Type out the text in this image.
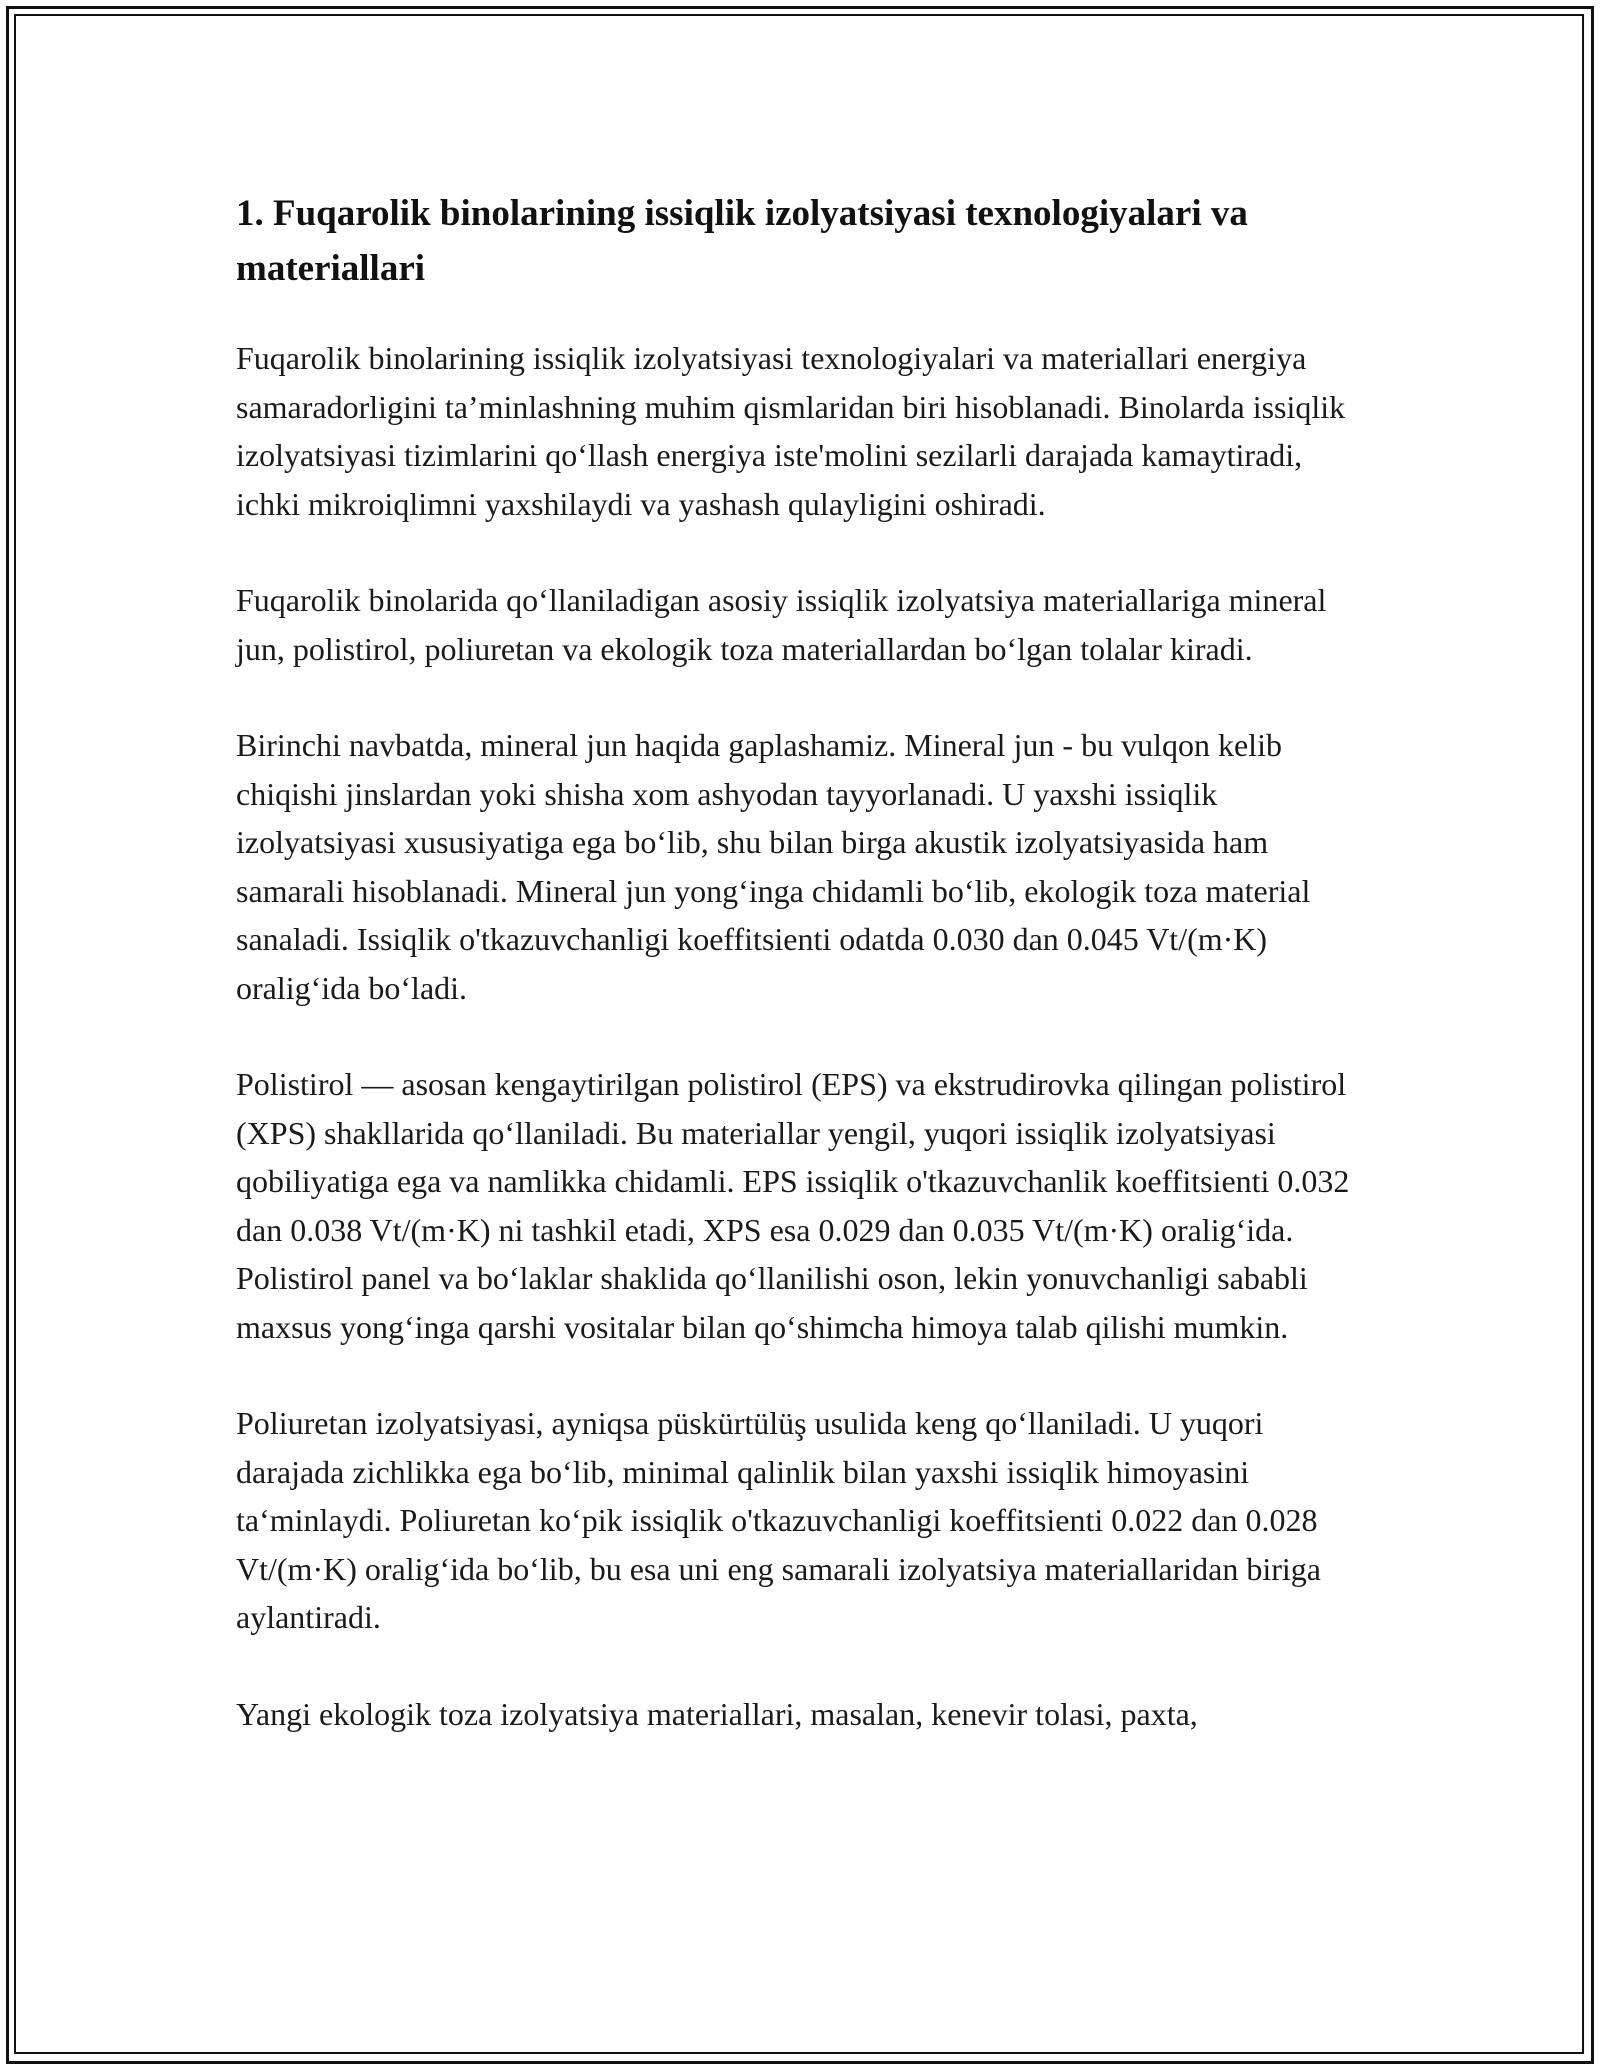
1. Fuqarolik binolarining issiqlik izolyatsiyasi texnologiyalari va materiallari

Fuqarolik binolarining issiqlik izolyatsiyasi texnologiyalari va materiallari energiya samaradorligini ta’minlashning muhim qismlaridan biri hisoblanadi. Binolarda issiqlik izolyatsiyasi tizimlarini qo‘llash energiya iste'molini sezilarli darajada kamaytiradi, ichki mikroiqlimni yaxshilaydi va yashash qulayligini oshiradi.

Fuqarolik binolarida qo‘llaniladigan asosiy issiqlik izolyatsiya materiallariga mineral jun, polistirol, poliuretan va ekologik toza materiallardan bo‘lgan tolalar kiradi.

Birinchi navbatda, mineral jun haqida gaplashamiz. Mineral jun - bu vulqon kelib chiqishi jinslardan yoki shisha xom ashyodan tayyorlanadi. U yaxshi issiqlik izolyatsiyasi xususiyatiga ega bo‘lib, shu bilan birga akustik izolyatsiyasida ham samarali hisoblanadi. Mineral jun yong‘inga chidamli bo‘lib, ekologik toza material sanaladi. Issiqlik o'tkazuvchanligi koeffitsienti odatda 0.030 dan 0.045 Vt/(m·K) oralig‘ida bo‘ladi.

Polistirol — asosan kengaytirilgan polistirol (EPS) va ekstrudirovka qilingan polistirol (XPS) shakllarida qo‘llaniladi. Bu materiallar yengil, yuqori issiqlik izolyatsiyasi qobiliyatiga ega va namlikka chidamli. EPS issiqlik o'tkazuvchanlik koeffitsienti 0.032 dan 0.038 Vt/(m·K) ni tashkil etadi, XPS esa 0.029 dan 0.035 Vt/(m·K) oralig‘ida. Polistirol panel va bo‘laklar shaklida qo‘llanilishi oson, lekin yonuvchanligi sababli maxsus yong‘inga qarshi vositalar bilan qo‘shimcha himoya talab qilishi mumkin.

Poliuretan izolyatsiyasi, ayniqsa püskürtülüş usulida keng qo‘llaniladi. U yuqori darajada zichlikka ega bo‘lib, minimal qalinlik bilan yaxshi issiqlik himoyasini ta‘minlaydi. Poliuretan ko‘pik issiqlik o'tkazuvchanligi koeffitsienti 0.022 dan 0.028 Vt/(m·K) oralig‘ida bo‘lib, bu esa uni eng samarali izolyatsiya materiallaridan biriga aylantiradi.

Yangi ekologik toza izolyatsiya materiallari, masalan, kenevir tolasi, paxta,
